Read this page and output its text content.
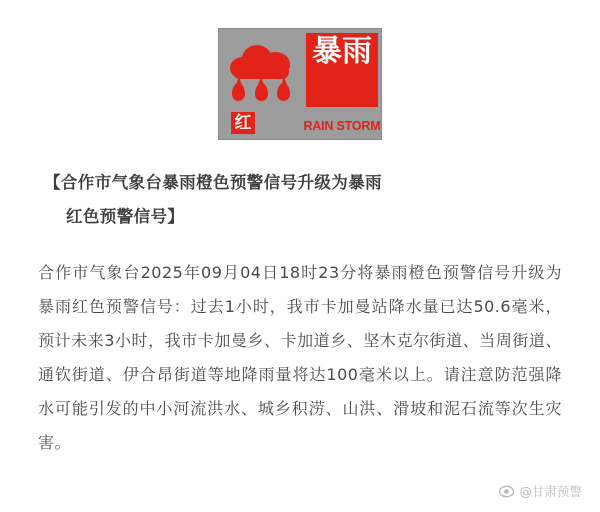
红
暴雨
RAIN STORM
【合作市气象台暴雨橙色预警信号升级为暴雨
红色预警信号】
合作市气象台2025年09月04日18时23分将暴雨橙色预警信号升级为暴雨红色预警信号：过去1小时，我市卡加曼站降水量已达50.6毫米，预计未来3小时，我市卡加曼乡、卡加道乡、坚木克尔街道、当周街道、通钦街道、伊合昂街道等地降雨量将达100毫米以上。请注意防范强降水可能引发的中小河流洪水、城乡积涝、山洪、滑坡和泥石流等次生灾害。
@甘肃预警
